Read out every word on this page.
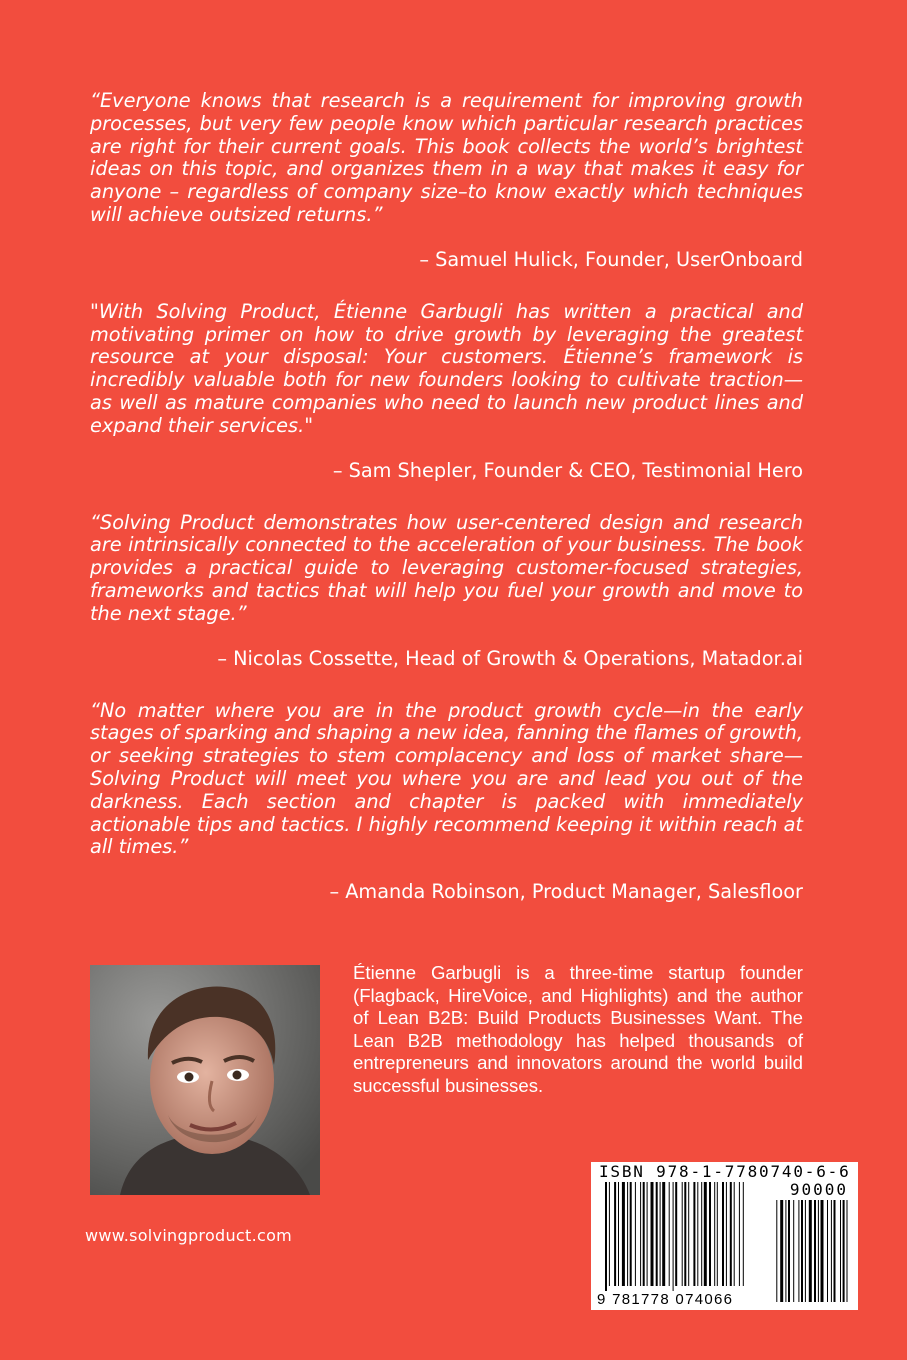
“Everyone knows that research is a requirement for improving growth processes, but very few people know which particular research practices are right for their current goals. This book collects the world’s brightest ideas on this topic, and organizes them in a way that makes it easy for anyone – regardless of company size–to know exactly which techniques will achieve outsized returns.”

– Samuel Hulick, Founder, UserOnboard

"With Solving Product, Étienne Garbugli has written a practical and motivating primer on how to drive growth by leveraging the greatest resource at your disposal: Your customers. Étienne’s framework is incredibly valuable both for new founders looking to cultivate traction—as well as mature companies who need to launch new product lines and expand their services."

– Sam Shepler, Founder & CEO, Testimonial Hero

“Solving Product demonstrates how user-centered design and research are intrinsically connected to the acceleration of your business. The book provides a practical guide to leveraging customer-focused strategies, frameworks and tactics that will help you fuel your growth and move to the next stage.”

– Nicolas Cossette, Head of Growth & Operations, Matador.ai

“No matter where you are in the product growth cycle—in the early stages of sparking and shaping a new idea, fanning the flames of growth, or seeking strategies to stem complacency and loss of market share—Solving Product will meet you where you are and lead you out of the darkness. Each section and chapter is packed with immediately actionable tips and tactics. I highly recommend keeping it within reach at all times.”

– Amanda Robinson, Product Manager, Salesfloor

Étienne Garbugli is a three-time startup founder (Flagback, HireVoice, and Highlights) and the author of Lean B2B: Build Products Businesses Want. The Lean B2B methodology has helped thousands of entrepreneurs and innovators around the world build successful businesses.

www.solvingproduct.com
ISBN 978-1-7780740-6-6
90000
9 781778 074066
